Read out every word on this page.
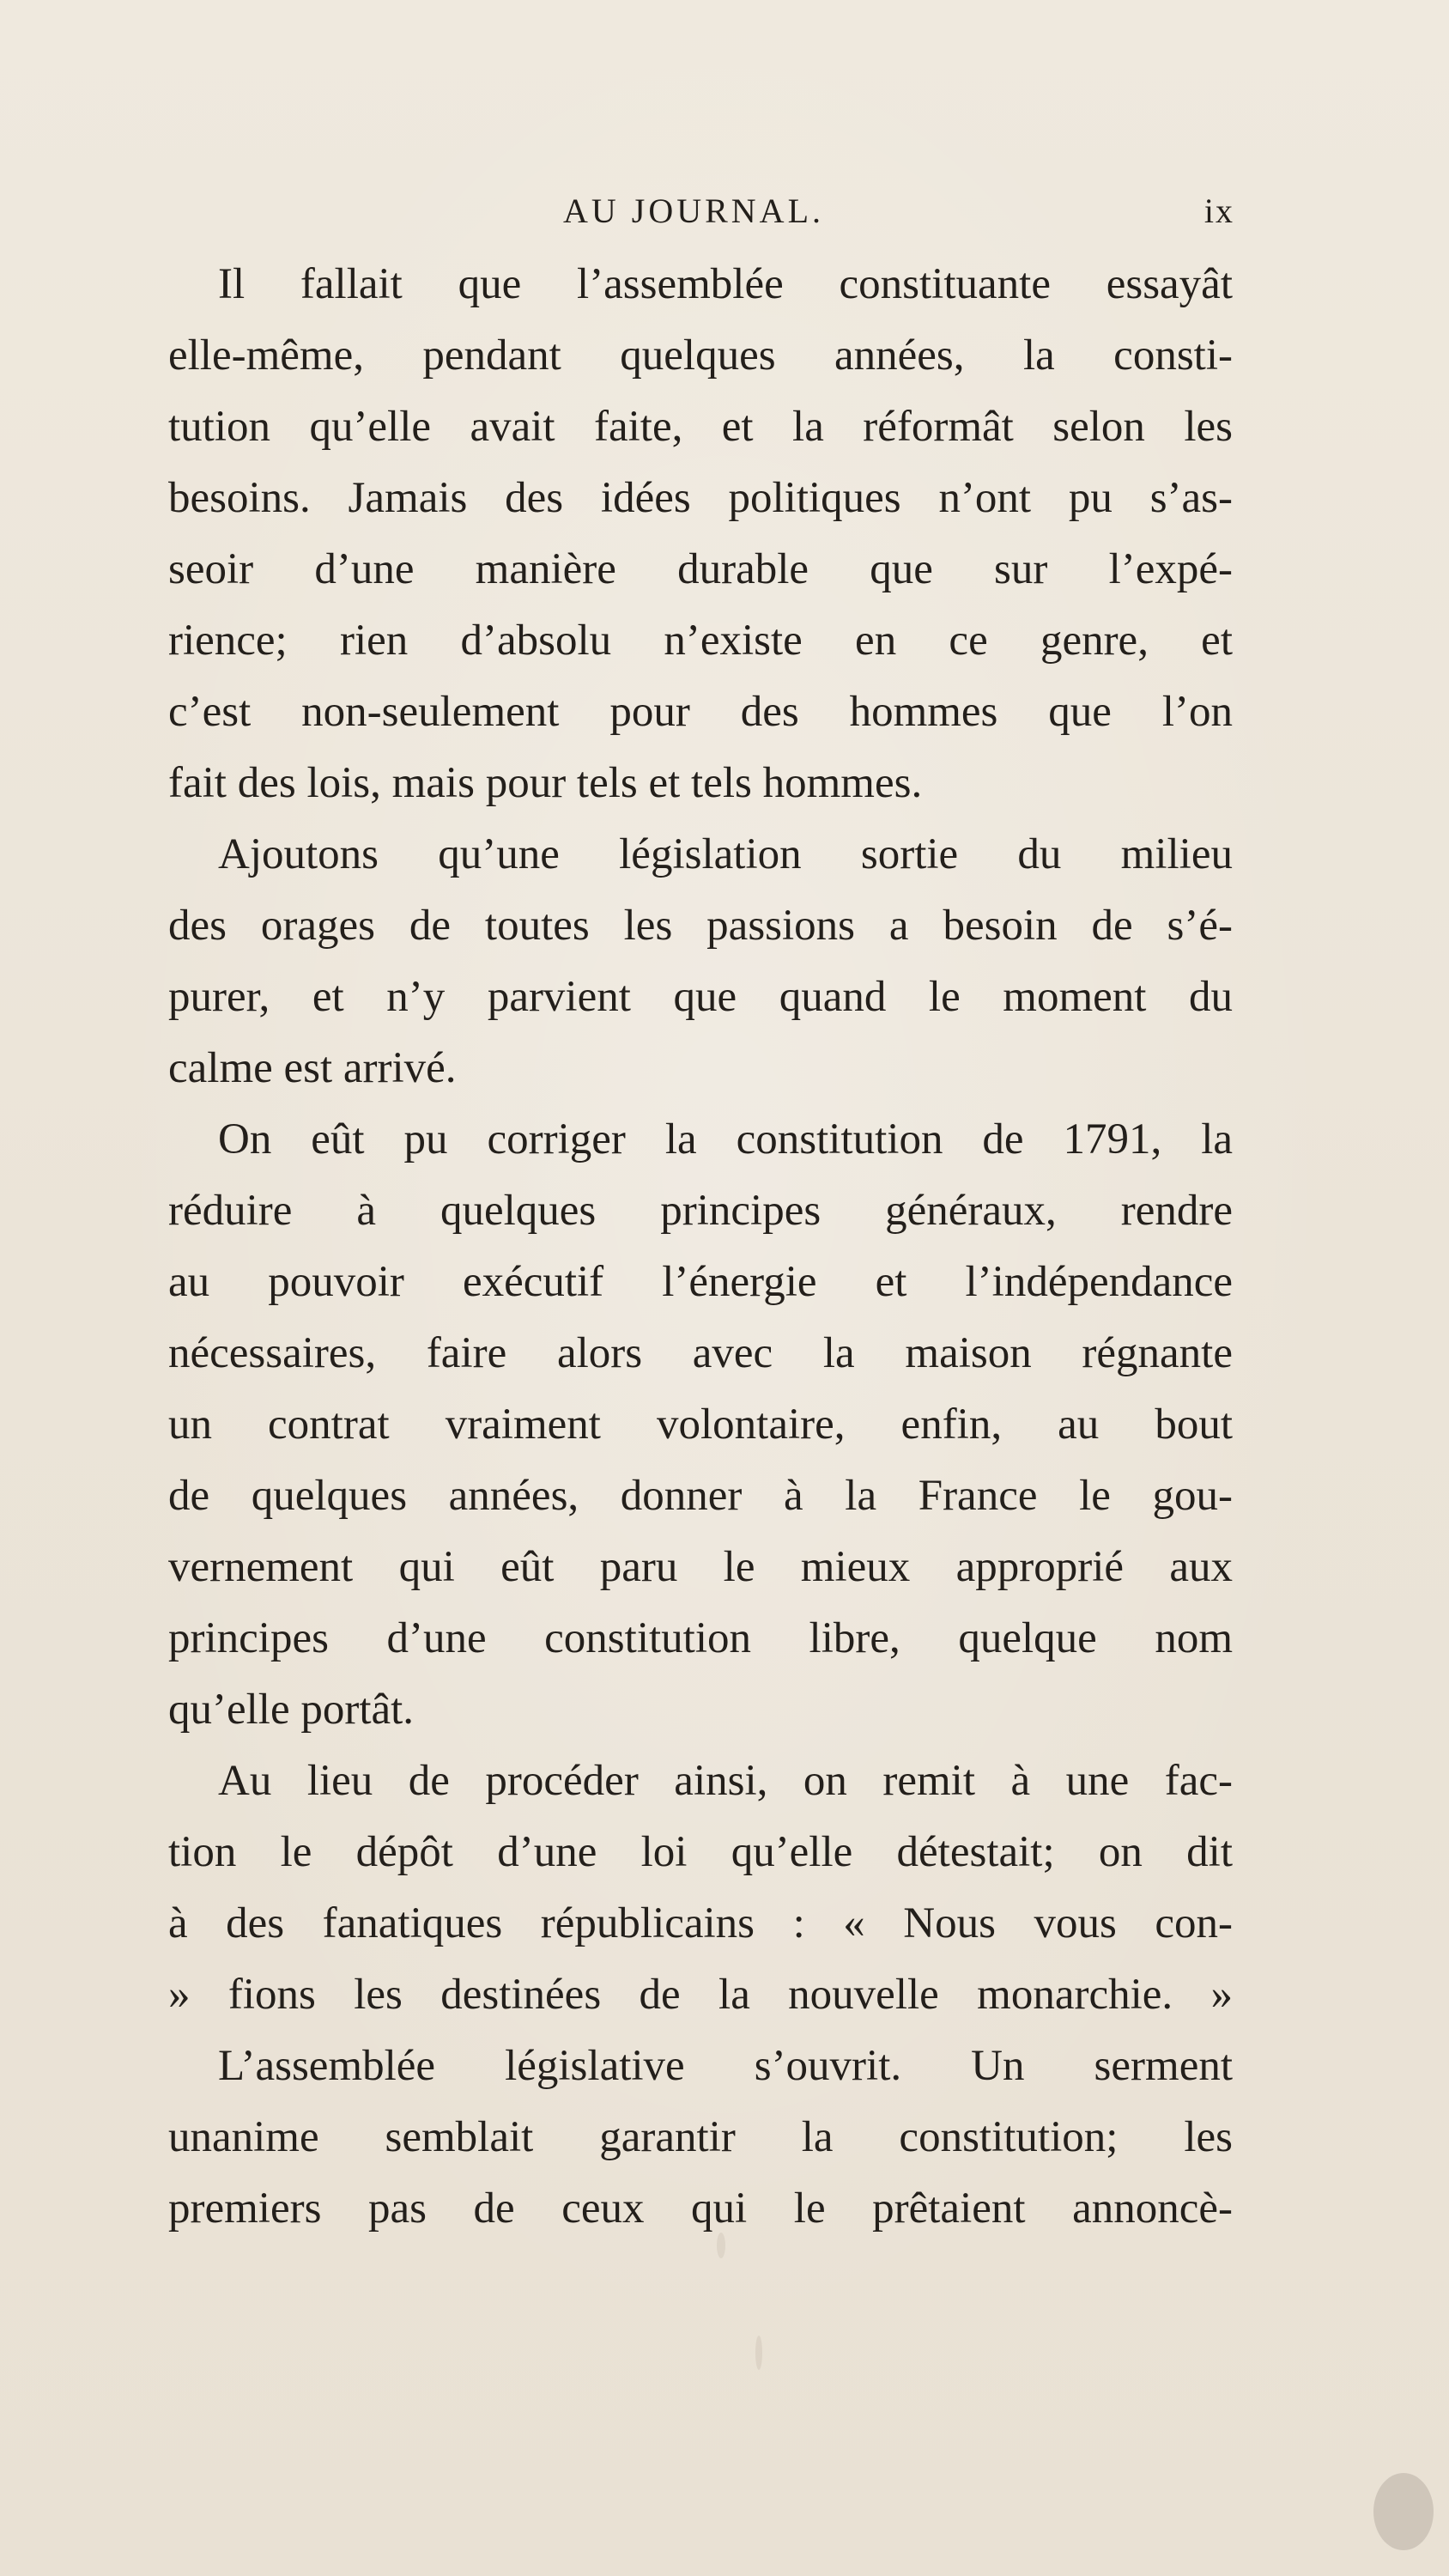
AU JOURNAL.	ix
Il fallait que l’assemblée constituante essayât
elle-même, pendant quelques années, la consti-
tution qu’elle avait faite, et la réformât selon les
besoins. Jamais des idées politiques n’ont pu s’as-
seoir d’une manière durable que sur l’expé-
rience; rien d’absolu n’existe en ce genre, et
c’est non-seulement pour des hommes que l’on
fait des lois, mais pour tels et tels hommes.
Ajoutons qu’une législation sortie du milieu
des orages de toutes les passions a besoin de s’é-
purer, et n’y parvient que quand le moment du
calme est arrivé.
On eût pu corriger la constitution de 1791, la
réduire à quelques principes généraux, rendre
au pouvoir exécutif l’énergie et l’indépendance
nécessaires, faire alors avec la maison régnante
un contrat vraiment volontaire, enfin, au bout
de quelques années, donner à la France le gou-
vernement qui eût paru le mieux approprié aux
principes d’une constitution libre, quelque nom
qu’elle portât.
Au lieu de procéder ainsi, on remit à une fac-
tion le dépôt d’une loi qu’elle détestait; on dit
à des fanatiques républicains : « Nous vous con-
» fions les destinées de la nouvelle monarchie. »
L’assemblée législative s’ouvrit. Un serment
unanime semblait garantir la constitution; les
premiers pas de ceux qui le prêtaient annoncè-
